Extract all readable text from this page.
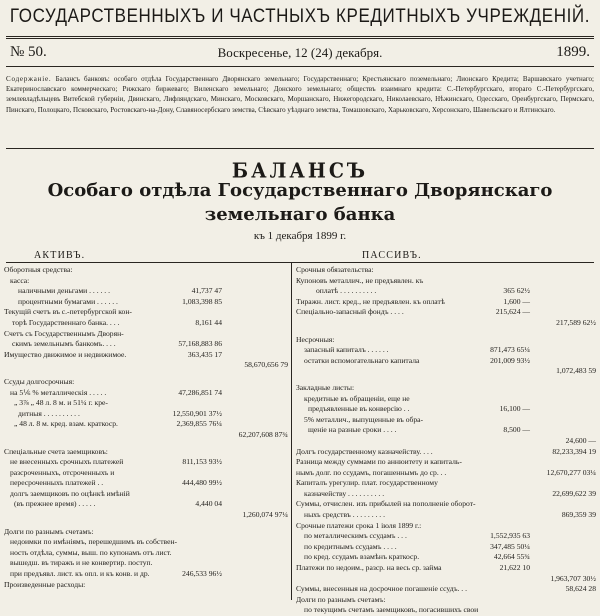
ГОСУДАРСТВЕННЫХЪ И ЧАСТНЫХЪ КРЕДИТНЫХЪ УЧРЕЖДЕНІЙ.
№ 50.	Воскресенье, 12 (24) декабря.	1899.
Содержаніе. Балансъ банковъ: особаго отдѣла Государственнаго Дворянскаго земельнаго; Государственнаго; Крестьянскаго поземельнаго; Лионскаго Кредита; Варшавскаго учетнаго; Екатеринославскаго коммерческаго; Рижскаго биржеваго; Виленскаго земельнаго; Донского земельнаго; обществъ взаимнаго кредита: С.-Петербургскаго, втораго С.-Петербургскаго, землевладѣльцевъ Витебской губерніи, Двинскаго, Лифляндскаго, Минскаго, Московскаго, Моршанскаго, Нижегородскаго, Николаевскаго, Нѣжинскаго, Одесскаго, Оренбургскаго, Пермскаго, Пинскаго, Полоцкаго, Псковскаго, Ростовскаго-на-Дону, Славяносербскаго земства, Сѣвскаго уѣзднаго земства, Томашовскаго, Харьковскаго, Херсонскаго, Шавельскаго и Ялтинскаго.
БАЛАНСЪ
Особаго отдѣла Государственнаго Дворянскаго
земельнаго банка
къ 1 декабря 1899 г.
АКТИВЪ.	ПАССИВЪ.
Оборотныя средства:
касса:
наличными деньгами . . . . . .	41,737 47
процентными бумагами . . . . . .	1,083,398 85
Текущій счетъ въ с.-петербургской кон-
торѣ Государственнаго банка. . . .	8,161 44
Счетъ съ Государственнымъ Дворян-
скимъ земельнымъ банкомъ. . . .	57,168,883 86
Имущество движимое и недвижимое.	363,435 17
58,670,656 79
Ссуды долгосрочныя:
на 5⅙ % металлическія . . . . .	47,286,851 74
„ 3⅞ „ 48 л. 8 м. и 51¼ г. кре-
дитныя . . . . . . . . . .	12,550,901 37½
„ 48 л. 8 м. кред. взам. краткоср.	2,369,855 76¼
62,207,608 87¾
Спеціальные счета заемщиковъ:
не внесенныхъ срочныхъ платежей	811,153 93½
разсроченныхъ, отсроченныхъ и
пересроченныхъ платежей . .	444,480 99½
долгъ заемщиковъ по оцѣнкѣ имѣній
(въ прежнее время) . . . . .	4,440 04
1,260,074 97¼
Долги по разнымъ счетамъ:
недоимки по имѣніямъ, перешедшимъ въ собствен-
ность отдѣла, суммы, выш. по купонамъ отъ лист.
вышедш. въ тиражъ и не конвертир. поступ.
при предъявл. лист. къ опл. и къ конв. и др.	246,533 96½
Произведенные расходы:
Срочныя обязательства:
Купоновъ металлич., не предъявлен. къ
оплатѣ . . . . . . . . . .	365 62½
Тиражн. лист. кред., не предъявлен. къ оплатѣ	1,600 —
Спеціально-запасный фондъ . . . .	215,624 —
217,589 62½
Несрочныя:
запасный капиталъ . . . . . .	871,473 65¼
остатки вспомогательнаго капитала	201,009 93½
1,072,483 59
Закладные листы:
кредитные въ обращеніи, еще не
предъявленные въ конверсію . .	16,100 —
5% металлич., выпущенные въ обра-
щеніе на разные сроки . . . .	8,500 —
24,600 —
Долгъ государственному казначейству. . . .	82,233,394 19
Разница между суммами по аннюитету и капиталь-
нымъ долг. по ссудамъ, погашеннымъ до ср. . .	12,670,277 03¼
Капиталъ урегулир. плат. государственному
казначейству . . . . . . . . . .	22,699,622 39
Суммы, отчислен. изъ прибылей на пополненіе оборот-
ныхъ средствъ . . . . . . . . .	869,359 39
Срочные платежи срока 1 іюля 1899 г.:
по металлическимъ ссудамъ . . .	1,552,935 63
по кредитнымъ ссудамъ . . . .	347,485 50¼
по кред. ссудамъ взамѣнъ краткоср.	42,664 55¾
Платежи по недоим., разср. на весь ср. займа	21,622 10
1,963,707 30½
Суммы, внесенныя на досрочное погашеніе ссудъ. . .	58,624 28
Долги по разнымъ счетамъ:
по текущимъ счетамъ заемщиковъ, погасившихъ свои
